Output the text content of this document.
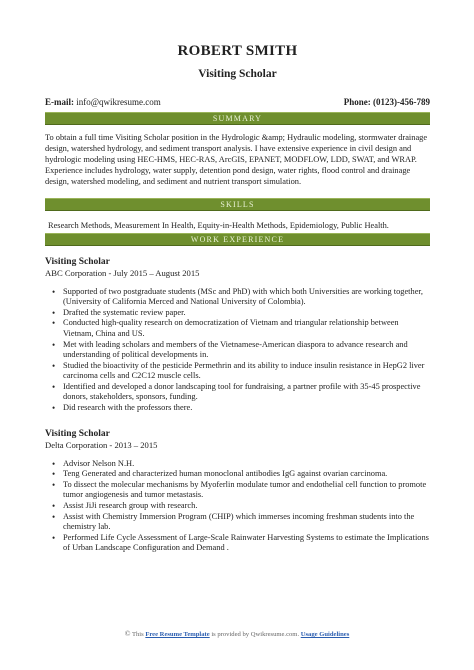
ROBERT SMITH
Visiting Scholar
E-mail: info@qwikresume.com	Phone: (0123)-456-789
SUMMARY
To obtain a full time Visiting Scholar position in the Hydrologic &amp; Hydraulic modeling, stormwater drainage design, watershed hydrology, and sediment transport analysis. I have extensive experience in civil design and hydrologic modeling using HEC-HMS, HEC-RAS, ArcGIS, EPANET, MODFLOW, LDD, SWAT, and WRAP. Experience includes hydrology, water supply, detention pond design, water rights, flood control and drainage design, watershed modeling, and sediment and nutrient transport simulation.
SKILLS
Research Methods, Measurement In Health, Equity-in-Health Methods, Epidemiology, Public Health.
WORK EXPERIENCE
Visiting Scholar
ABC Corporation - July 2015 – August 2015
• Supported of two postgraduate students (MSc and PhD) with which both Universities are working together, (University of California Merced and National University of Colombia).
• Drafted the systematic review paper.
• Conducted high-quality research on democratization of Vietnam and triangular relationship between Vietnam, China and US.
• Met with leading scholars and members of the Vietnamese-American diaspora to advance research and understanding of political developments in.
• Studied the bioactivity of the pesticide Permethrin and its ability to induce insulin resistance in HepG2 liver carcinoma cells and C2C12 muscle cells.
• Identified and developed a donor landscaping tool for fundraising, a partner profile with 35-45 prospective donors, stakeholders, sponsors, funding.
• Did research with the professors there.
Visiting Scholar
Delta Corporation - 2013 – 2015
• Advisor Nelson N.H.
• Teng Generated and characterized human monoclonal antibodies IgG against ovarian carcinoma.
• To dissect the molecular mechanisms by Myoferlin modulate tumor and endothelial cell function to promote tumor angiogenesis and tumor metastasis.
• Assist JiJi research group with research.
• Assist with Chemistry Immersion Program (CHIP) which immerses incoming freshman students into the chemistry lab.
• Performed Life Cycle Assessment of Large-Scale Rainwater Harvesting Systems to estimate the Implications of Urban Landscape Configuration and Demand .
© This Free Resume Template is provided by Qwikresume.com. Usage Guidelines
